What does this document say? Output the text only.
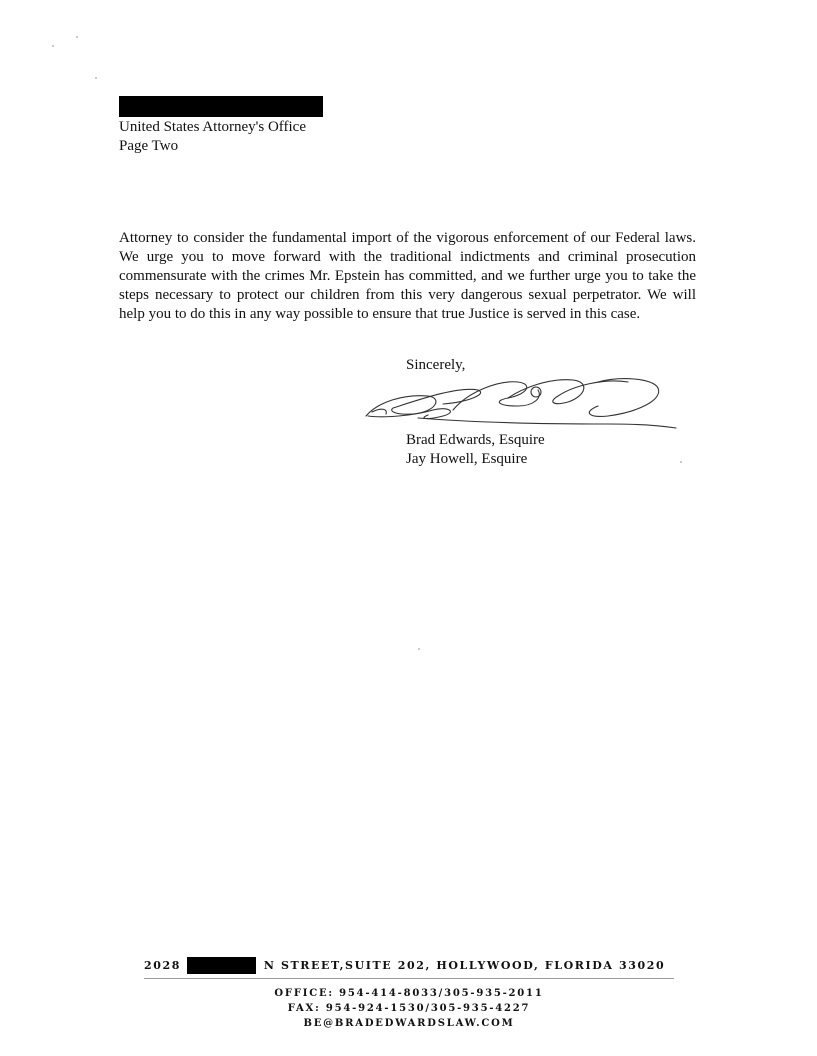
United States Attorney's Office
Page Two
Attorney to consider the fundamental import of the vigorous enforcement of our Federal laws. We urge you to move forward with the traditional indictments and criminal prosecution commensurate with the crimes Mr. Epstein has committed, and we further urge you to take the steps necessary to protect our children from this very dangerous sexual perpetrator. We will help you to do this in any way possible to ensure that true Justice is served in this case.
Sincerely,
Brad Edwards, Esquire
Jay Howell, Esquire
2028	N STREET,SUITE 202, HOLLYWOOD, FLORIDA 33020
OFFICE: 954-414-8033/305-935-2011
FAX: 954-924-1530/305-935-4227
BE@BRADEDWARDSLAW.COM
